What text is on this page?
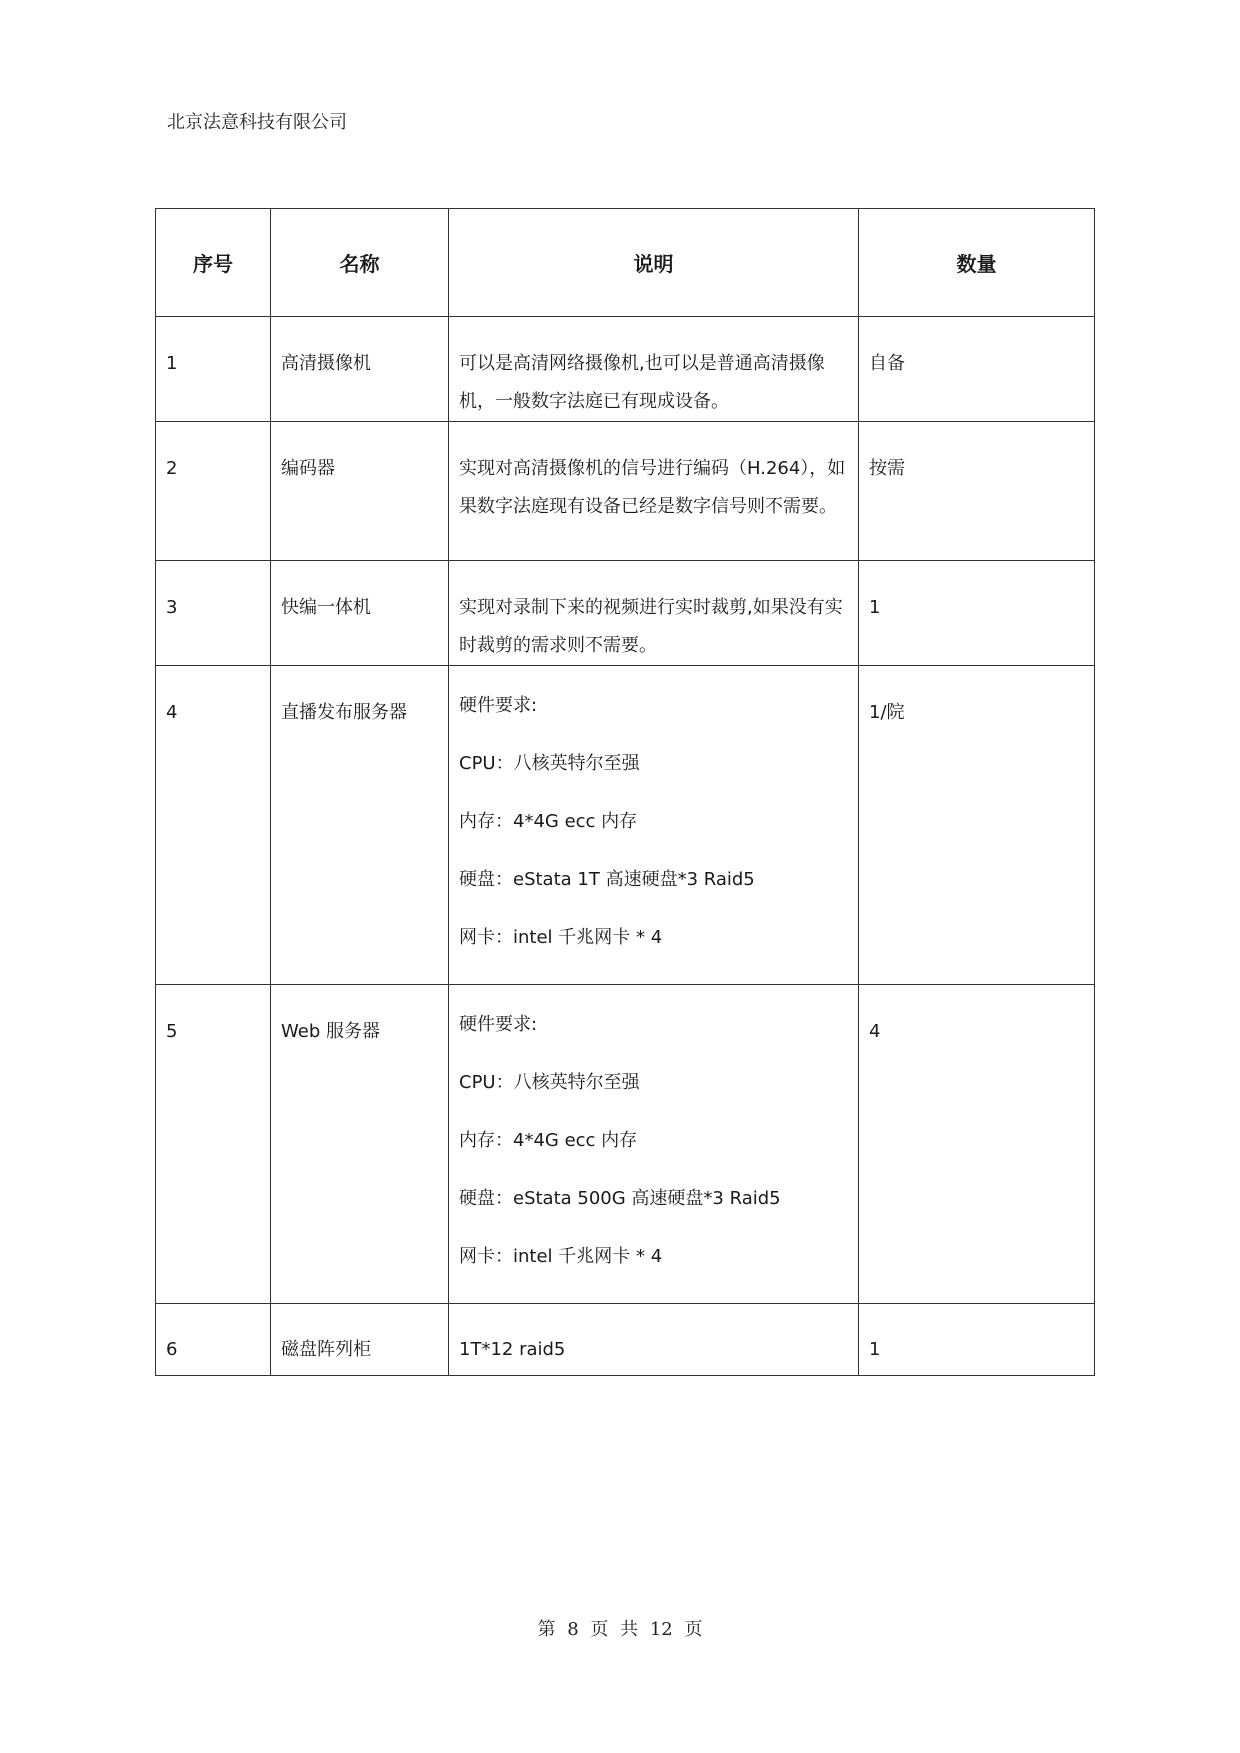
北京法意科技有限公司
序号	名称	说明	数量
1	高清摄像机	可以是高清网络摄像机,也可以是普通高清摄像机，一般数字法庭已有现成设备。	自备
2	编码器	实现对高清摄像机的信号进行编码（H.264），如果数字法庭现有设备已经是数字信号则不需要。	按需
3	快编一体机	实现对录制下来的视频进行实时裁剪,如果没有实时裁剪的需求则不需要。	1
4	直播发布服务器	硬件要求:
CPU：八核英特尔至强
内存：4*4G ecc 内存
硬盘：eStata 1T 高速硬盘*3 Raid5
网卡：intel 千兆网卡 * 4	1/院
5	Web 服务器	硬件要求:
CPU：八核英特尔至强
内存：4*4G ecc 内存
硬盘：eStata 500G 高速硬盘*3 Raid5
网卡：intel 千兆网卡 * 4	4
6	磁盘阵列柜	1T*12 raid5	1
第 8 页 共 12 页
